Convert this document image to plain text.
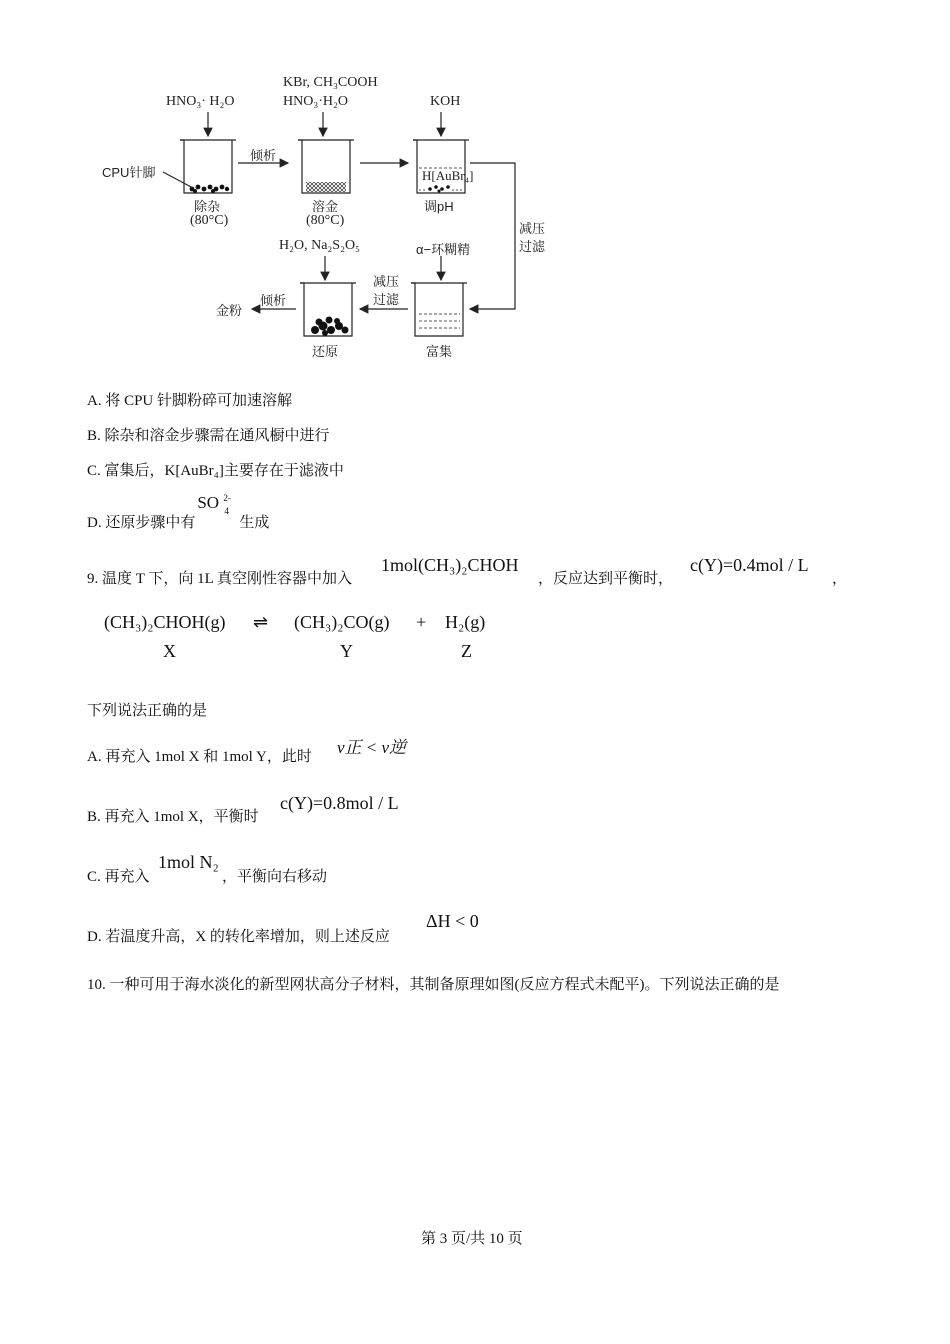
HNO₃· H₂O
KBr, CH₃COOH
HNO₃·H₂O	KOH
CPU针脚
倾析
除杂
(80°C)
溶金
(80°C)
H[AuBr₄]
调pH
减压
过滤
H₂O, Na₂S₂O₅	α−环糊精
减压
过滤
倾析
金粉
还原	富集
A. 将 CPU 针脚粉碎可加速溶解
B. 除杂和溶金步骤需在通风橱中进行
C. 富集后，K[AuBr₄]主要存在于滤液中
D. 还原步骤中有
SO 2-
4
生成
9. 温度 T 下，向 1L 真空刚性容器中加入
1mol(CH₃)₂CHOH
，反应达到平衡时，
c(Y)=0.4mol / L
，
(CH₃)₂CHOH(g) ⇌ (CH₃)₂CO(g) + H₂(g)
X	Y	Z
下列说法正确的是
A. 再充入 1mol X 和 1mol Y，此时 v正 < v逆
B. 再充入 1mol X，平衡时
c(Y)=0.8mol / L
C. 再充入
1mol N₂
，平衡向右移动
D. 若温度升高，X 的转化率增加，则上述反应
ΔH < 0
10. 一种可用于海水淡化的新型网状高分子材料，其制备原理如图(反应方程式未配平)。下列说法正确的是
第 3 页/共 10 页
